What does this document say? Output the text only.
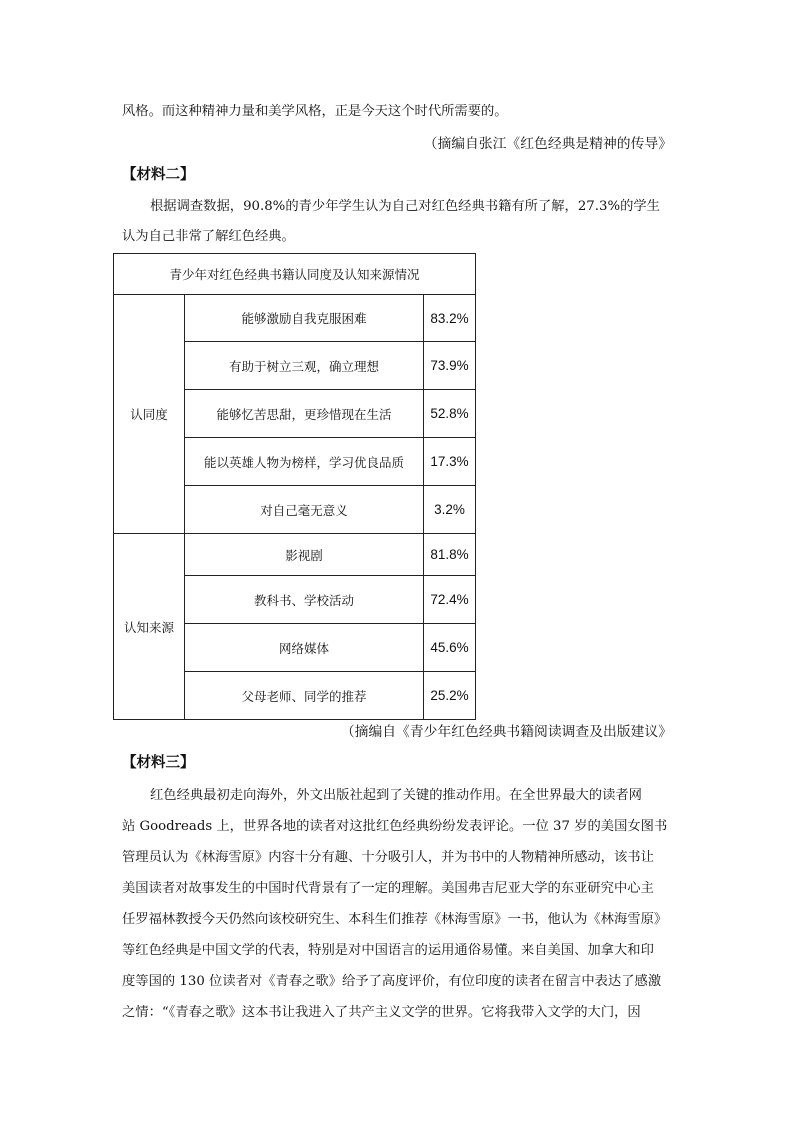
风格。而这种精神力量和美学风格，正是今天这个时代所需要的。
（摘编自张江《红色经典是精神的传导》
【材料二】
根据调查数据，90.8%的青少年学生认为自己对红色经典书籍有所了解，27.3%的学生
认为自己非常了解红色经典。
青少年对红色经典书籍认同度及认知来源情况		
认同度	能够激励自我克服困难	83.2%
	有助于树立三观，确立理想	73.9%
	能够忆苦思甜，更珍惜现在生活	52.8%
	能以英雄人物为榜样，学习优良品质	17.3%
	对自己毫无意义	3.2%
认知来源	影视剧	81.8%
	教科书、学校活动	72.4%
	网络媒体	45.6%
	父母老师、同学的推荐	25.2%
（摘编自《青少年红色经典书籍阅读调查及出版建议》
【材料三】
红色经典最初走向海外，外文出版社起到了关键的推动作用。在全世界最大的读者网
站 Goodreads 上，世界各地的读者对这批红色经典纷纷发表评论。一位 37 岁的美国女图书
管理员认为《林海雪原》内容十分有趣、十分吸引人，并为书中的人物精神所感动，该书让
美国读者对故事发生的中国时代背景有了一定的理解。美国弗吉尼亚大学的东亚研究中心主
任罗福林教授今天仍然向该校研究生、本科生们推荐《林海雪原》一书，他认为《林海雪原》
等红色经典是中国文学的代表，特别是对中国语言的运用通俗易懂。来自美国、加拿大和印
度等国的 130 位读者对《青春之歌》给予了高度评价，有位印度的读者在留言中表达了感激
之情：“《青春之歌》这本书让我进入了共产主义文学的世界。它将我带入文学的大门，因
